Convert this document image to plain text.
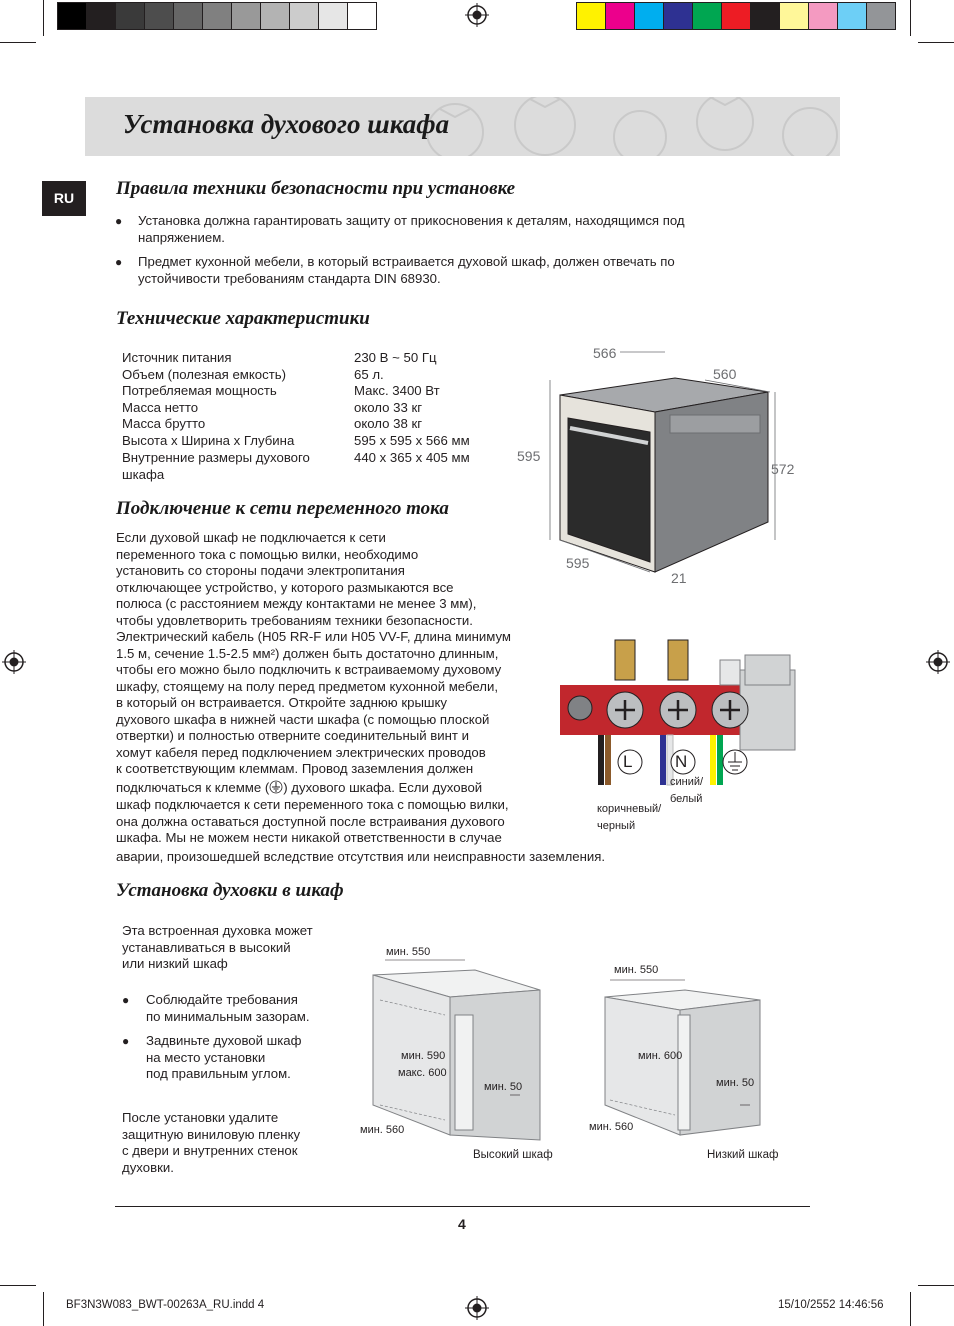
Установка духового шкафа
RU	Правила техники безопасности при установке
● Установка должна гарантировать защиту от прикосновения к деталям, находящимся под
напряжением.
● Предмет кухонной мебели, в который встраивается духовой шкаф, должен отвечать по
устойчивости требованиям стандарта DIN 68930.
Технические характеристики
Источник питания	230 В ~ 50 Гц
Объем (полезная емкость)	65 л.
Потребляемая мощность	Макс. 3400 Вт
Масса нетто	около 33 кг
Масса брутто	около 38 кг
Высота x Ширина x Глубина	595 x 595 x 566 мм
Внутренние размеры духового	440 x 365 x 405 мм
шкафа
566
560
595
572
595
21
Подключение к сети переменного тока
Если духовой шкаф не подключается к сети
переменного тока с помощью вилки, необходимо
установить со стороны подачи электропитания
отключающее устройство, у которого размыкаются все
полюса (с расстоянием между контактами не менее 3 мм),
чтобы удовлетворить требованиям техники безопасности.
Электрический кабель (H05 RR-F или H05 VV-F, длина минимум
1.5 м, сечение 1.5-2.5 мм²) должен быть достаточно длинным,
чтобы его можно было подключить к встраиваемому духовому
шкафу, стоящему на полу перед предметом кухонной мебели,
в который он встраивается. Откройте заднюю крышку
духового шкафа в нижней части шкафа (с помощью плоской
отвертки) и полностью отверните соединительный винт и
хомут кабеля перед подключением электрических проводов
к соответствующим клеммам. Провод заземления должен
подключаться к клемме ( ) духового шкафа. Если духовой
шкаф подключается к сети переменного тока с помощью вилки,
она должна оставаться доступной после встраивания духового
шкафа. Мы не можем нести никакой ответственности в случае
аварии, произошедшей вследствие отсутствия или неисправности заземления.
L	N
синий/
белый
коричневый/
черный
Установка духовки в шкаф
Эта встроенная духовка может
устанавливаться в высокий
или низкий шкаф
● Соблюдайте требования
по минимальным зазорам.
● Задвиньте духовой шкаф
на место установки
под правильным углом.
После установки удалите
защитную виниловую пленку
с двери и внутренних стенок
духовки.
мин. 550
мин. 590
макс. 600
мин. 50
мин. 560
Высокий шкаф
мин. 550
мин. 600
мин. 50
мин. 560
Низкий шкаф
4
BF3N3W083_BWT-00263A_RU.indd 4	15/10/2552 14:46:56
